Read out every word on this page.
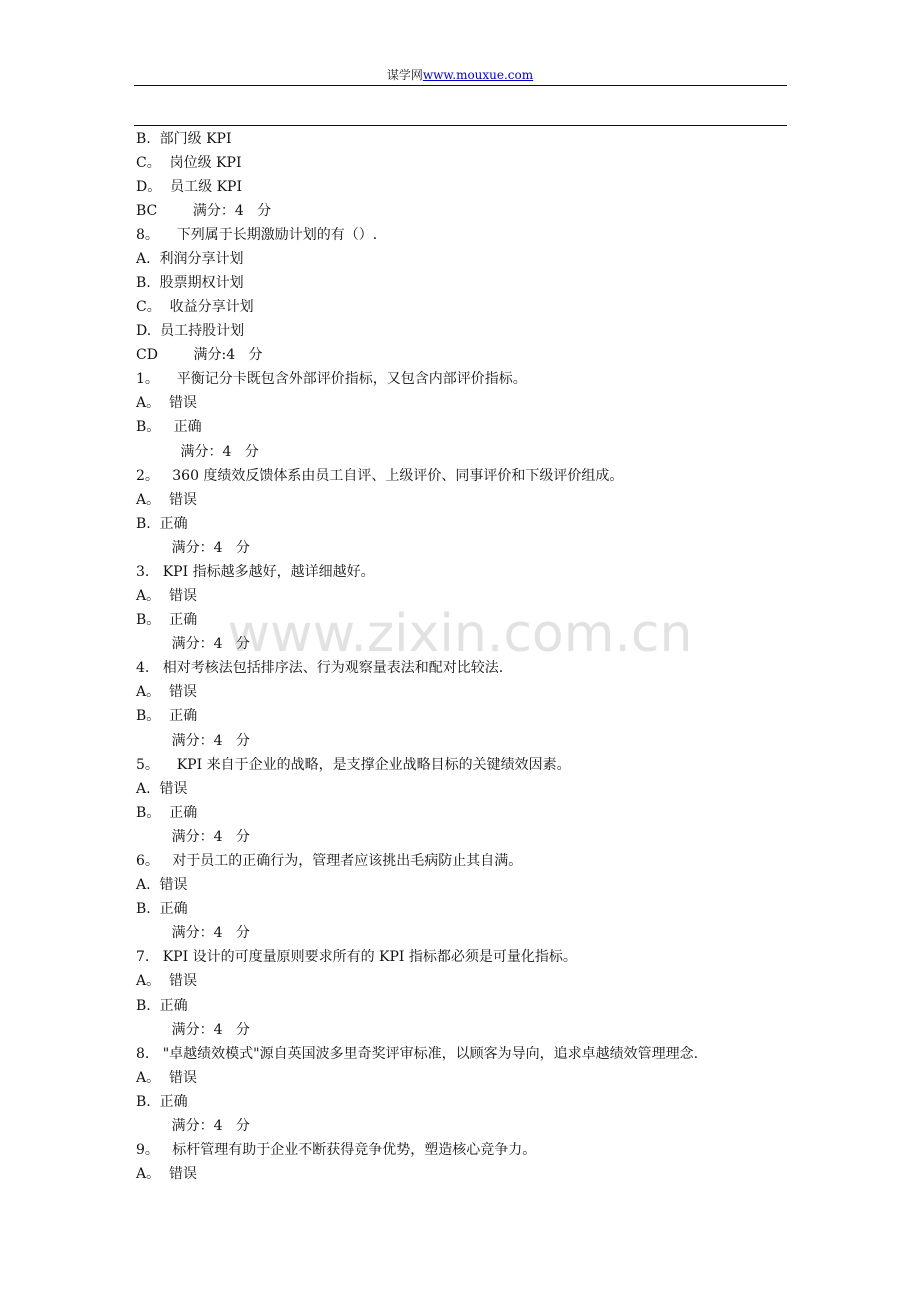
谋学网www.mouxue.com
www.zixin.com.cn
B.  部门级 KPI
C。  岗位级 KPI
D。  员工级 KPI
BC        满分：4   分
8。    下列属于长期激励计划的有（）.
A.  利润分享计划
B.  股票期权计划
C。  收益分享计划
D.  员工持股计划
CD        满分:4   分
1。    平衡记分卡既包含外部评价指标，又包含内部评价指标。
A。  错误
B。   正确
满分：4   分
2。   360 度绩效反馈体系由员工自评、上级评价、同事评价和下级评价组成。
A。  错误
B.  正确
满分：4   分
3.   KPI 指标越多越好，越详细越好。
A。  错误
B。  正确
满分：4   分
4.   相对考核法包括排序法、行为观察量表法和配对比较法.
A。  错误
B。  正确
满分：4   分
5。    KPI 来自于企业的战略，是支撑企业战略目标的关键绩效因素。
A.  错误
B。  正确
满分：4   分
6。   对于员工的正确行为，管理者应该挑出毛病防止其自满。
A.  错误
B.  正确
满分：4   分
7.   KPI 设计的可度量原则要求所有的 KPI 指标都必须是可量化指标。
A。  错误
B.  正确
满分：4   分
8.   "卓越绩效模式"源自英国波多里奇奖评审标准，以顾客为导向，追求卓越绩效管理理念.
A。  错误
B.  正确
满分：4   分
9。   标杆管理有助于企业不断获得竞争优势，塑造核心竞争力。
A。  错误
